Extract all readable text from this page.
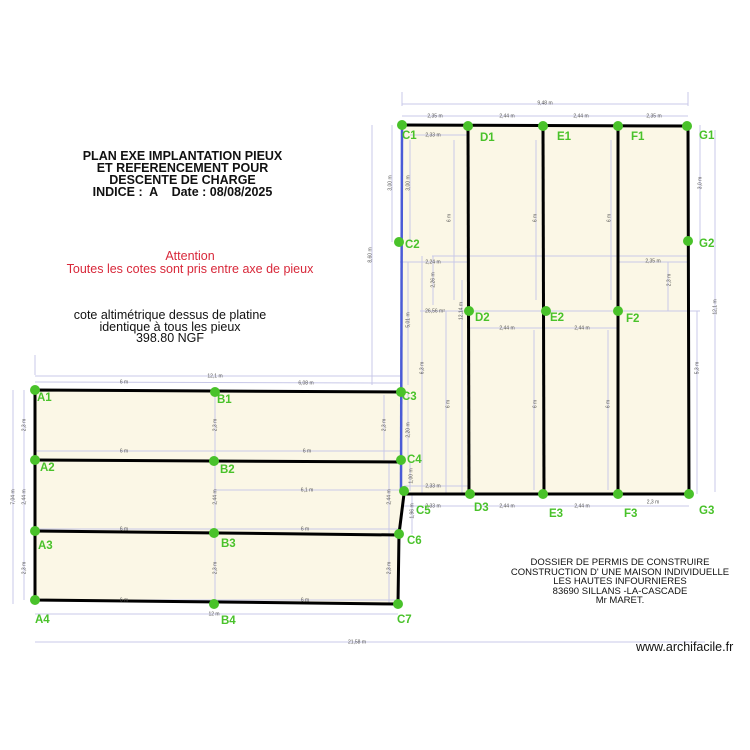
9,48 m
2,35 m	2,44 m	2,44 m	2,35 m
2,33 m
3,00 m 3,00 m	3,0 m
6 m	6 m	6 m
8,60 m	2,24 m	2,35 m
2,26 m	2,3 m
26,56 m²	12,14 m	12,1 m
5,01 m
2,44 m	2,44 m
6,3 m	5,3 m
12,1 m
6 m	6,08 m
6 m	6 m	6 m
2,3 m	2,3 m	2,3 m	2,20 m
6 m	6 m
1,00 m
2,33 m
6,1 m
7,04 m 2,44 m	2,44 m	2,44 m
2,33 m	2,44 m	2,44 m
2,3 m
1,96 m
6 m	6 m
2,3 m	2,3 m	2,3 m
6 m	6 m
12 m
21,58 m
A1	B1	C3
A2	B2
C4
A3	B3	C6
A4	B4	C7
C1	D1	E1	F1	G1
C2	G2
D2	E2	F2
C5	D3	E3	F3	G3
PLAN EXE IMPLANTATION PIEUX
ET REFERENCEMENT POUR
DESCENTE DE CHARGE
INDICE :  A    Date : 08/08/2025
Attention
Toutes les cotes sont pris entre axe de pieux
cote altimétrique dessus de platine
identique à tous les pieux
398.80 NGF
DOSSIER DE PERMIS DE CONSTRUIRE
CONSTRUCTION D' UNE MAISON INDIVIDUELLE
LES HAUTES INFOURNIERES
83690 SILLANS -LA-CASCADE
Mr MARET.
www.archifacile.fr
